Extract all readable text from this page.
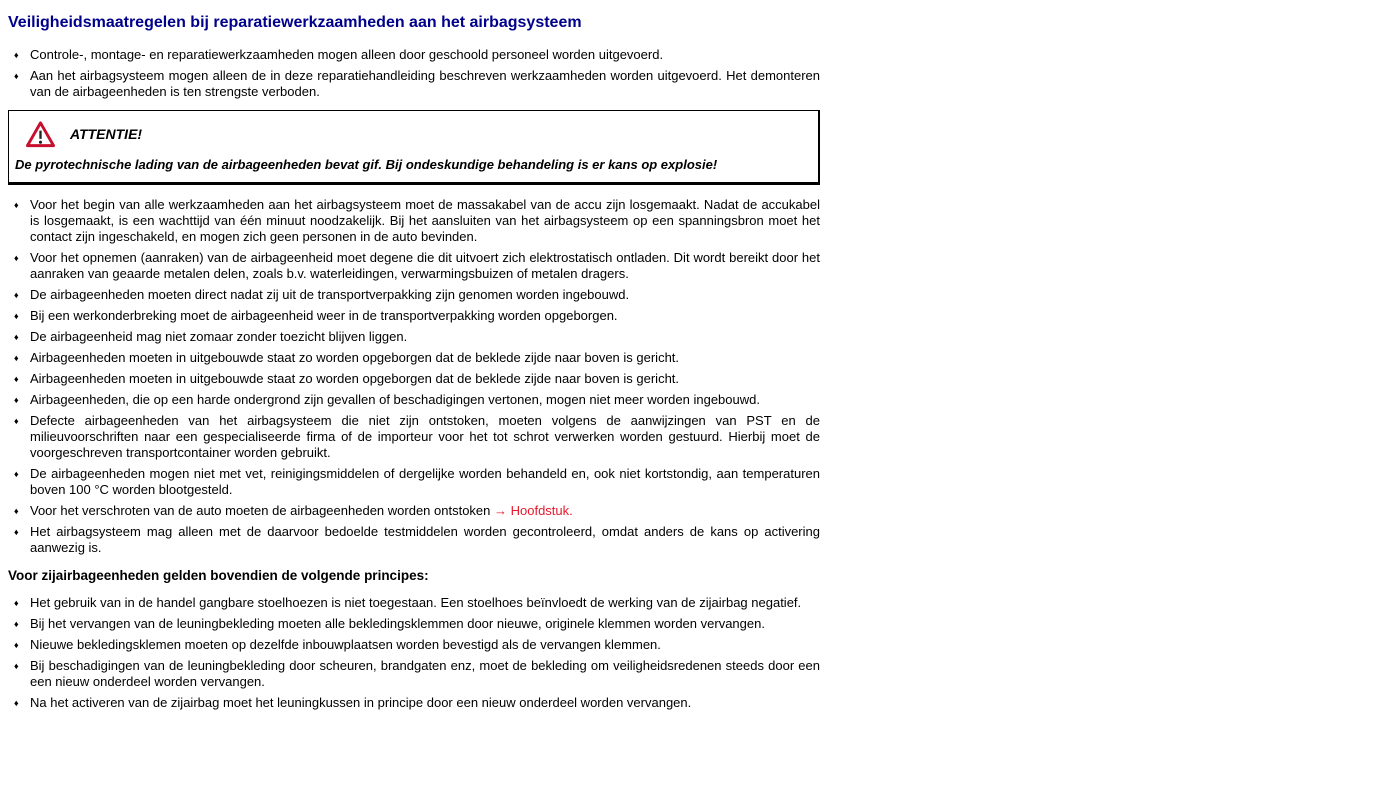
Veiligheidsmaatregelen bij reparatiewerkzaamheden aan het airbagsysteem
♦ Controle-, montage- en reparatiewerkzaamheden mogen alleen door geschoold personeel worden uitgevoerd.
♦ Aan het airbagsysteem mogen alleen de in deze reparatiehandleiding beschreven werkzaamheden worden uitgevoerd. Het demonteren van de airbageenheden is ten strengste verboden.
ATTENTIE!
De pyrotechnische lading van de airbageenheden bevat gif. Bij ondeskundige behandeling is er kans op explosie!
♦ Voor het begin van alle werkzaamheden aan het airbagsysteem moet de massakabel van de accu zijn losgemaakt. Nadat de accukabel is losgemaakt, is een wachttijd van één minuut noodzakelijk. Bij het aansluiten van het airbagsysteem op een spanningsbron moet het contact zijn ingeschakeld, en mogen zich geen personen in de auto bevinden.
♦ Voor het opnemen (aanraken) van de airbageenheid moet degene die dit uitvoert zich elektrostatisch ontladen. Dit wordt bereikt door het aanraken van geaarde metalen delen, zoals b.v. waterleidingen, verwarmingsbuizen of metalen dragers.
♦ De airbageenheden moeten direct nadat zij uit de transportverpakking zijn genomen worden ingebouwd.
♦ Bij een werkonderbreking moet de airbageenheid weer in de transportverpakking worden opgeborgen.
♦ De airbageenheid mag niet zomaar zonder toezicht blijven liggen.
♦ Airbageenheden moeten in uitgebouwde staat zo worden opgeborgen dat de beklede zijde naar boven is gericht.
♦ Airbageenheden moeten in uitgebouwde staat zo worden opgeborgen dat de beklede zijde naar boven is gericht.
♦ Airbageenheden, die op een harde ondergrond zijn gevallen of beschadigingen vertonen, mogen niet meer worden ingebouwd.
♦ Defecte airbageenheden van het airbagsysteem die niet zijn ontstoken, moeten volgens de aanwijzingen van PST en de milieuvoorschriften naar een gespecialiseerde firma of de importeur voor het tot schrot verwerken worden gestuurd. Hierbij moet de voorgeschreven transportcontainer worden gebruikt.
♦ De airbageenheden mogen niet met vet, reinigingsmiddelen of dergelijke worden behandeld en, ook niet kortstondig, aan temperaturen boven 100 °C worden blootgesteld.
♦ Voor het verschroten van de auto moeten de airbageenheden worden ontstoken → Hoofdstuk.
♦ Het airbagsysteem mag alleen met de daarvoor bedoelde testmiddelen worden gecontroleerd, omdat anders de kans op activering aanwezig is.
Voor zijairbageenheden gelden bovendien de volgende principes:
♦ Het gebruik van in de handel gangbare stoelhoezen is niet toegestaan. Een stoelhoes beïnvloedt de werking van de zijairbag negatief.
♦ Bij het vervangen van de leuningbekleding moeten alle bekledingsklemmen door nieuwe, originele klemmen worden vervangen.
♦ Nieuwe bekledingsklemen moeten op dezelfde inbouwplaatsen worden bevestigd als de vervangen klemmen.
♦ Bij beschadigingen van de leuningbekleding door scheuren, brandgaten enz, moet de bekleding om veiligheidsredenen steeds door een een nieuw onderdeel worden vervangen.
♦ Na het activeren van de zijairbag moet het leuningkussen in principe door een nieuw onderdeel worden vervangen.
